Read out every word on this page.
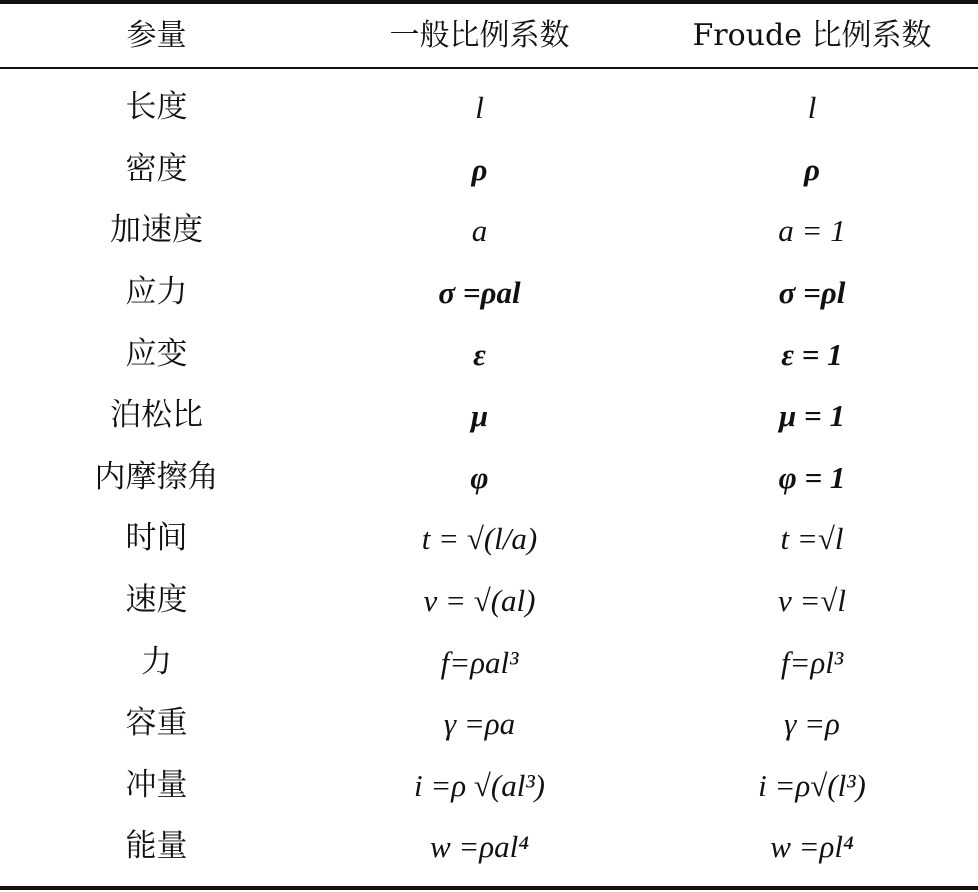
参量	一般比例系数	Froude 比例系数
长度	l	l
密度	ρ	ρ
加速度	a	a = 1
应力	σ =ρal	σ =ρl
应变	ε	ε = 1
泊松比	μ	μ = 1
内摩擦角	φ	φ = 1
时间	t = √(l/a)	t =√l
速度	v = √(al)	v =√l
力	f=ρal³	f=ρl³
容重	γ =ρa	γ =ρ
冲量	i =ρ √(al³)	i =ρ√(l³)
能量	w =ρal⁴	w =ρl⁴
